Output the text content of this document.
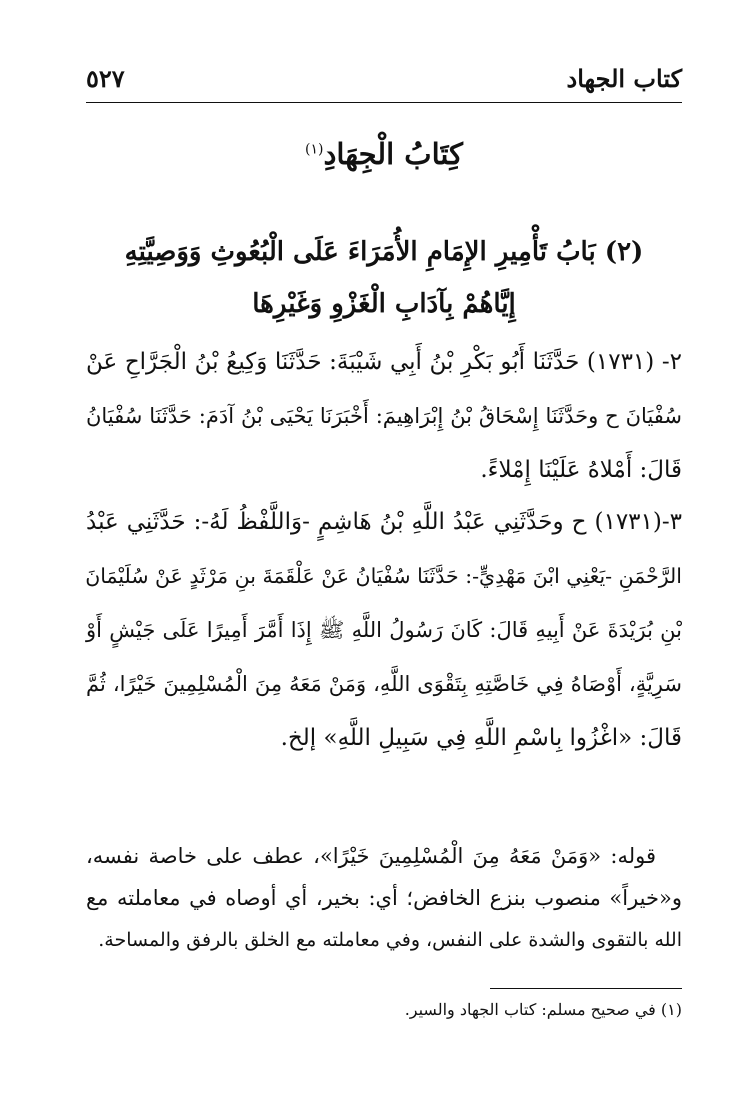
كتاب الجهاد
٥٢٧
كِتَابُ الْجِهَادِ$^{(١)}$
(٢) بَابُ تَأْمِيرِ الإِمَامِ الأُمَرَاءَ عَلَى الْبُعُوثِ وَوَصِيَّتِهِ
إِيَّاهُمْ بِآدَابِ الْغَزْوِ وَغَيْرِهَا
٢- (١٧٣١) حَدَّثَنَا أَبُو بَكْرِ بْنُ أَبِي شَيْبَةَ: حَدَّثَنَا وَكِيعُ بْنُ الْجَرَّاحِ عَنْ
سُفْيَانَ ح وحَدَّثَنَا إِسْحَاقُ بْنُ إِبْرَاهِيمَ: أَخْبَرَنَا يَحْيَى بْنُ آدَمَ: حَدَّثَنَا سُفْيَانُ
قَالَ: أَمْلاهُ عَلَيْنَا إِمْلاءً.
٣-(١٧٣١) ح وحَدَّثَنِي عَبْدُ اللَّهِ بْنُ هَاشِمٍ -وَاللَّفْظُ لَهُ-: حَدَّثَنِي عَبْدُ
الرَّحْمَنِ -يَعْنِي ابْنَ مَهْدِيٍّ-: حَدَّثَنَا سُفْيَانُ عَنْ عَلْقَمَةَ بنِ مَرْثَدٍ عَنْ سُلَيْمَانَ
بْنِ بُرَيْدَةَ عَنْ أَبِيهِ قَالَ: كَانَ رَسُولُ اللَّهِ ﷺ إِذَا أَمَّرَ أَمِيرًا عَلَى جَيْشٍ أَوْ
سَرِيَّةٍ، أَوْصَاهُ فِي خَاصَّتِهِ بِتَقْوَى اللَّهِ، وَمَنْ مَعَهُ مِنَ الْمُسْلِمِينَ خَيْرًا، ثُمَّ
قَالَ: «اغْزُوا بِاسْمِ اللَّهِ فِي سَبِيلِ اللَّهِ» إلخ.
قوله: «وَمَنْ مَعَهُ مِنَ الْمُسْلِمِينَ خَيْرًا»، عطف على خاصة نفسه،
و«خيراً» منصوب بنزع الخافض؛ أي: بخير، أي أوصاه في معاملته مع
الله بالتقوى والشدة على النفس، وفي معاملته مع الخلق بالرفق والمساحة.
(١) في صحيح مسلم: كتاب الجهاد والسير.
